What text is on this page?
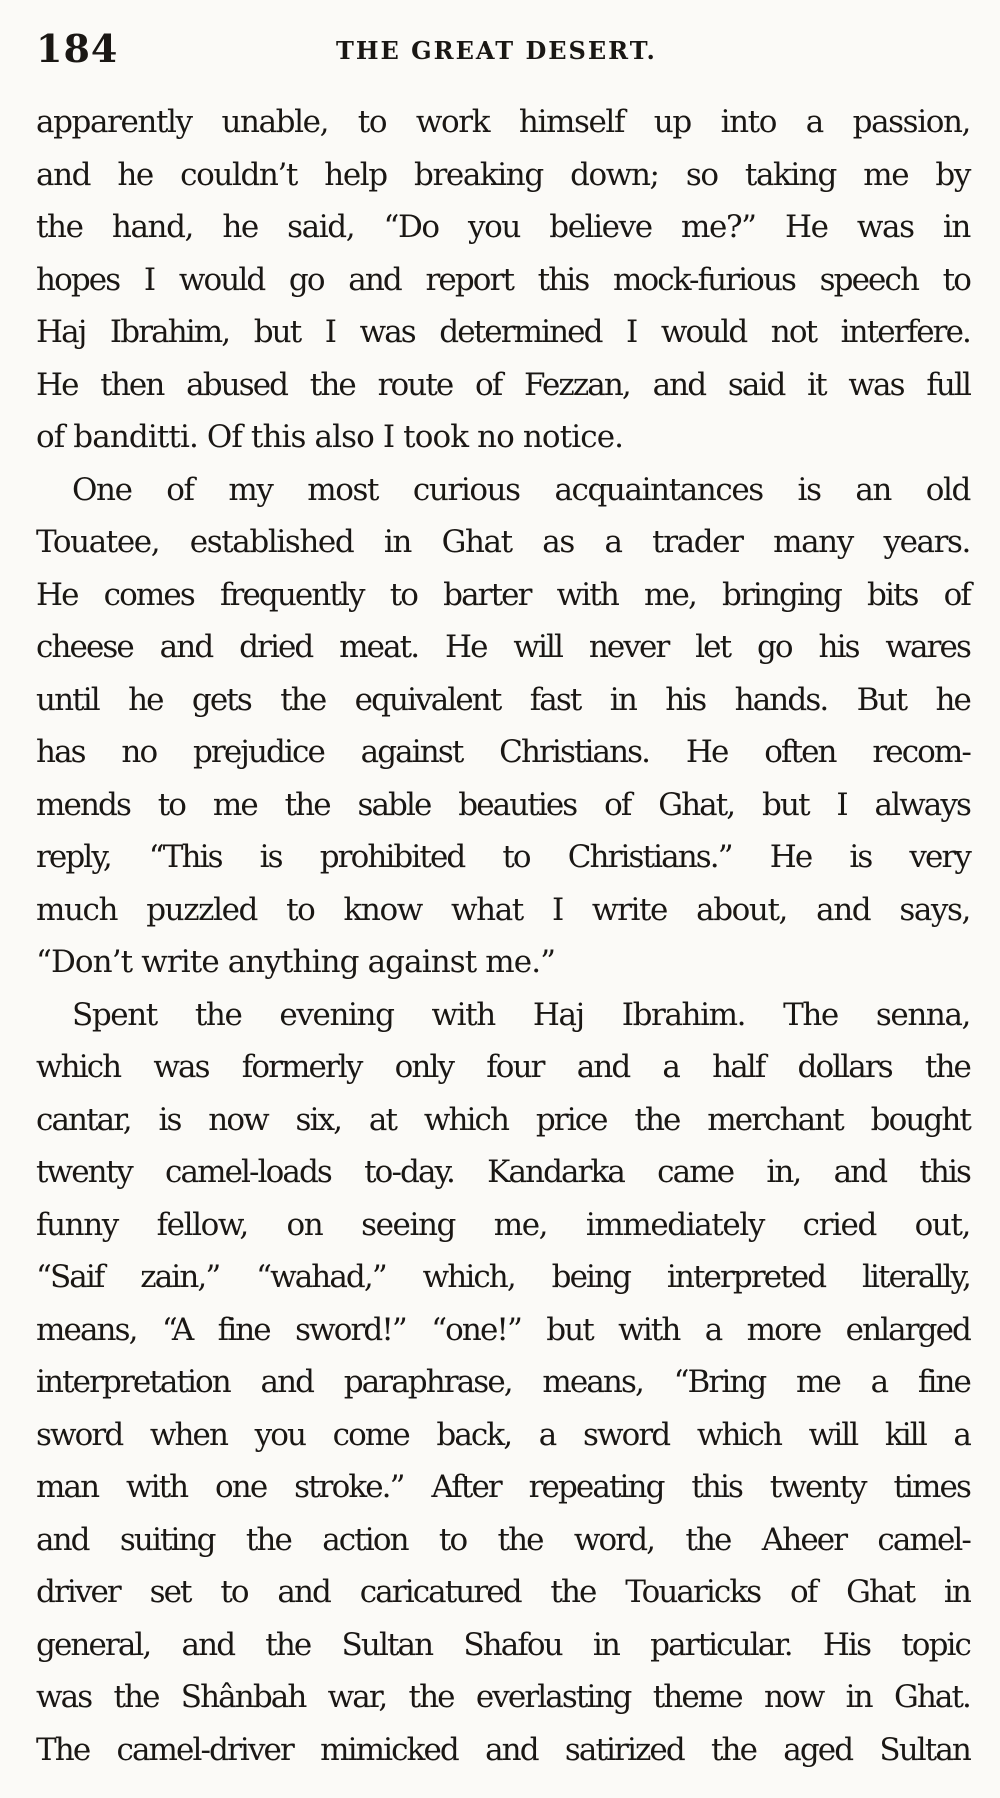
184	THE GREAT DESERT.
apparently unable, to work himself up into a passion,
and he couldn’t help breaking down; so taking me by
the hand, he said, “Do you believe me?” He was in
hopes I would go and report this mock-furious speech to
Haj Ibrahim, but I was determined I would not interfere.
He then abused the route of Fezzan, and said it was full
of banditti. Of this also I took no notice.
One of my most curious acquaintances is an old
Touatee, established in Ghat as a trader many years.
He comes frequently to barter with me, bringing bits of
cheese and dried meat. He will never let go his wares
until he gets the equivalent fast in his hands. But he
has no prejudice against Christians. He often recom-
mends to me the sable beauties of Ghat, but I always
reply, “This is prohibited to Christians.” He is very
much puzzled to know what I write about, and says,
“Don’t write anything against me.”
Spent the evening with Haj Ibrahim. The senna,
which was formerly only four and a half dollars the
cantar, is now six, at which price the merchant bought
twenty camel-loads to-day. Kandarka came in, and this
funny fellow, on seeing me, immediately cried out,
“Saif zain,” “wahad,” which, being interpreted literally,
means, “A fine sword!” “one!” but with a more enlarged
interpretation and paraphrase, means, “Bring me a fine
sword when you come back, a sword which will kill a
man with one stroke.” After repeating this twenty times
and suiting the action to the word, the Aheer camel-
driver set to and caricatured the Touaricks of Ghat in
general, and the Sultan Shafou in particular. His topic
was the Shânbah war, the everlasting theme now in Ghat.
The camel-driver mimicked and satirized the aged Sultan
